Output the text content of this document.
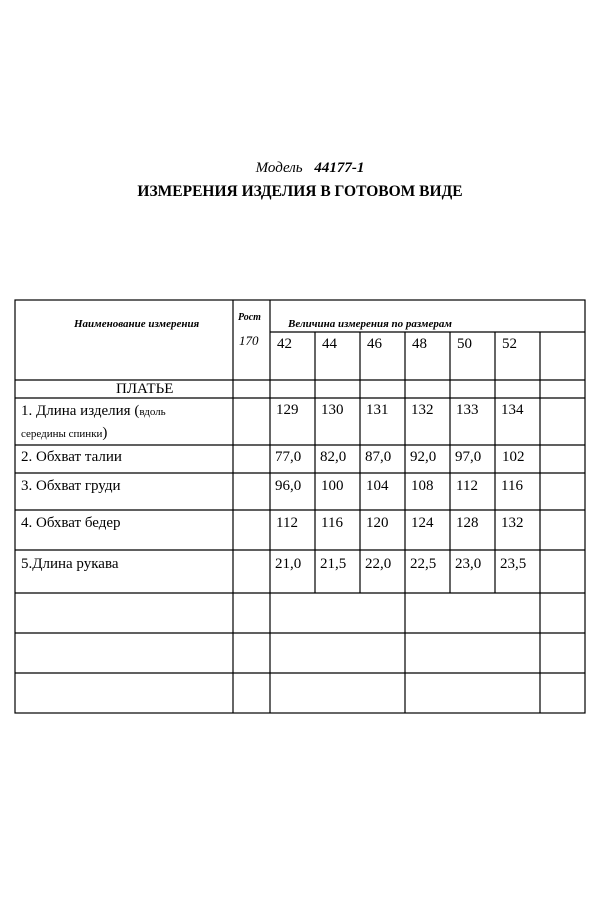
Модель 44177-1
ИЗМЕРЕНИЯ ИЗДЕЛИЯ В ГОТОВОМ ВИДЕ
Наименование измерения
Рост
170
Величина измерения по размерам
42 44 46 48 50 52
ПЛАТЬЕ
1. Длина изделия (вдоль
середины спинки)
129 130 131 132 133 134
2. Обхват талии	77,0 82,0 87,0 92,0 97,0 102
3. Обхват груди	96,0 100 104 108 112 116
4. Обхват бедер	112 116 120 124 128 132
5.Длина рукава	21,0 21,5 22,0 22,5 23,0 23,5
